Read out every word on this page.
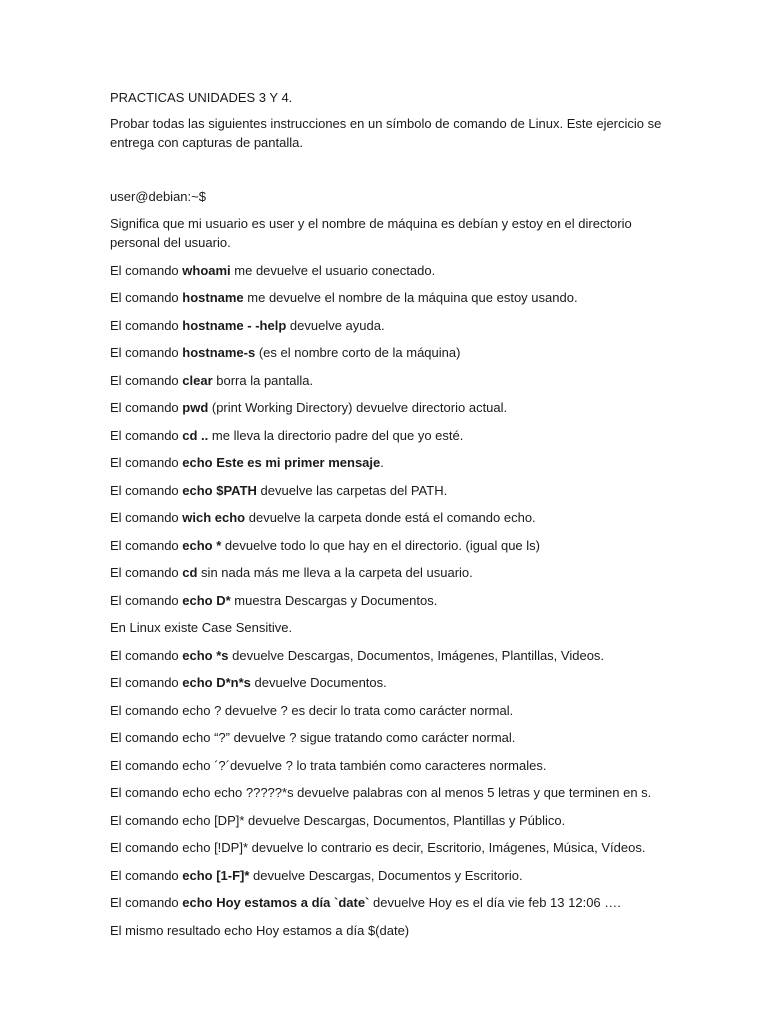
PRACTICAS UNIDADES 3 Y 4.

Probar todas las siguientes instrucciones en un símbolo de comando de Linux. Este ejercicio se entrega con capturas de pantalla.

user@debian:~$

Significa que mi usuario es user y el nombre de máquina es debían y estoy en el directorio personal del usuario.

El comando whoami me devuelve el usuario conectado.

El comando hostname me devuelve el nombre de la máquina que estoy usando.

El comando hostname - -help devuelve ayuda.

El comando hostname-s (es el nombre corto de la máquina)

El comando clear borra la pantalla.

El comando pwd (print Working Directory) devuelve directorio actual.

El comando cd .. me lleva la directorio padre del que yo esté.

El comando echo Este es mi primer mensaje.

El comando echo $PATH devuelve las carpetas del PATH.

El comando wich echo devuelve la carpeta donde está el comando echo.

El comando echo * devuelve todo lo que hay en el directorio. (igual que ls)

El comando cd sin nada más me lleva a la carpeta del usuario.

El comando echo D* muestra Descargas y Documentos.

En Linux existe Case Sensitive.

El comando echo *s devuelve Descargas, Documentos, Imágenes, Plantillas, Videos.

El comando echo D*n*s devuelve Documentos.

El comando echo ? devuelve ? es decir lo trata como carácter normal.

El comando echo “?” devuelve ? sigue tratando como carácter normal.

El comando echo ´?´devuelve ? lo trata también como caracteres normales.

El comando echo echo ?????*s devuelve palabras con al menos 5 letras y que terminen en s.

El comando echo [DP]* devuelve Descargas, Documentos, Plantillas y Público.

El comando echo [!DP]* devuelve lo contrario es decir, Escritorio, Imágenes, Música, Vídeos.

El comando echo [1-F]* devuelve Descargas, Documentos y Escritorio.

El comando echo Hoy estamos a día `date` devuelve Hoy es el día vie feb 13 12:06 ….

El mismo resultado echo Hoy estamos a día $(date)
